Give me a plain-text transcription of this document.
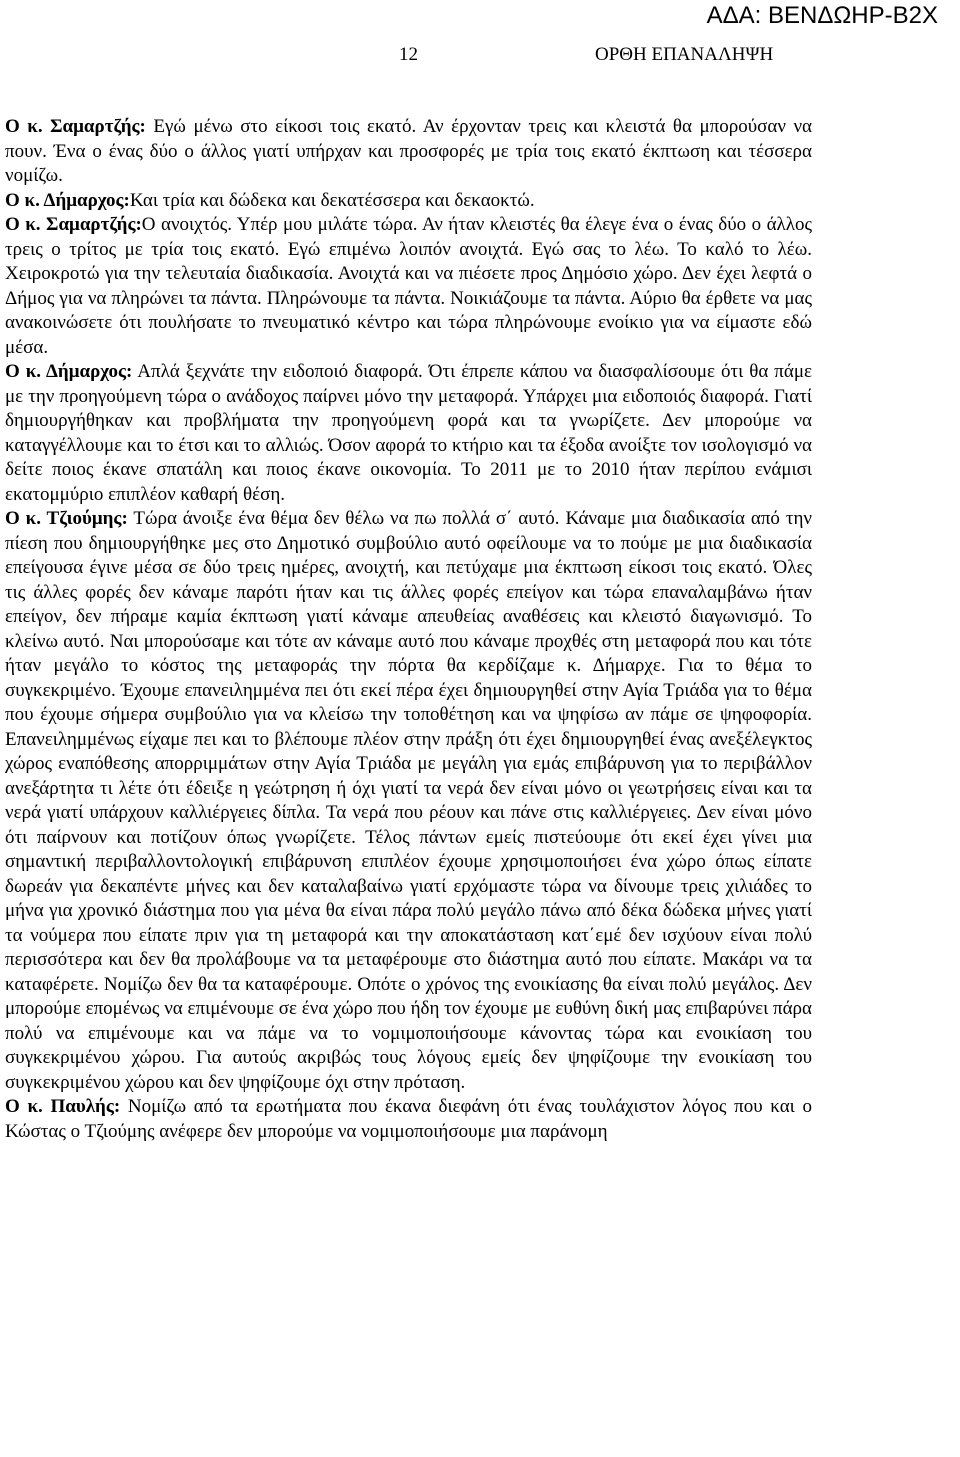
ΑΔΑ: ΒΕΝΔΩΗΡ-Β2Χ
12	ΟΡΘΗ ΕΠΑΝΑΛΗΨΗ

Ο κ. Σαμαρτζής: Εγώ μένω στο είκοσι τοις εκατό. Αν έρχονταν τρεις και κλειστά θα μπορούσαν να πουν. Ένα ο ένας δύο ο άλλος γιατί υπήρχαν και προσφορές με τρία τοις εκατό έκπτωση και τέσσερα νομίζω.

Ο κ. Δήμαρχος:Και τρία και δώδεκα και δεκατέσσερα και δεκαοκτώ.

Ο κ. Σαμαρτζής:Ο ανοιχτός. Υπέρ μου μιλάτε τώρα. Αν ήταν κλειστές θα έλεγε ένα ο ένας δύο ο άλλος τρεις ο τρίτος με τρία τοις εκατό. Εγώ επιμένω λοιπόν ανοιχτά. Εγώ σας το λέω. Το καλό το λέω. Χειροκροτώ για την τελευταία διαδικασία. Ανοιχτά και να πιέσετε προς Δημόσιο χώρο. Δεν έχει λεφτά ο Δήμος για να πληρώνει τα πάντα. Πληρώνουμε τα πάντα. Νοικιάζουμε τα πάντα. Αύριο θα έρθετε να μας ανακοινώσετε ότι πουλήσατε το πνευματικό κέντρο και τώρα πληρώνουμε ενοίκιο για να είμαστε εδώ μέσα.

Ο κ. Δήμαρχος: Απλά ξεχνάτε την ειδοποιό διαφορά. Ότι έπρεπε κάπου να διασφαλίσουμε ότι θα πάμε με την προηγούμενη τώρα ο ανάδοχος παίρνει μόνο την μεταφορά. Υπάρχει μια ειδοποιός διαφορά. Γιατί δημιουργήθηκαν και προβλήματα την προηγούμενη φορά και τα γνωρίζετε. Δεν μπορούμε να καταγγέλλουμε και το έτσι και το αλλιώς. Όσον αφορά το κτήριο και τα έξοδα ανοίξτε τον ισολογισμό να δείτε ποιος έκανε σπατάλη και ποιος έκανε οικονομία. Το 2011 με το 2010 ήταν περίπου ενάμισι εκατομμύριο επιπλέον καθαρή θέση.

Ο κ. Τζιούμης: Τώρα άνοιξε ένα θέμα δεν θέλω να πω πολλά σ΄ αυτό. Κάναμε μια διαδικασία από την πίεση που δημιουργήθηκε μες στο Δημοτικό συμβούλιο αυτό οφείλουμε να το πούμε με μια διαδικασία επείγουσα έγινε μέσα σε δύο τρεις ημέρες, ανοιχτή, και πετύχαμε μια έκπτωση είκοσι τοις εκατό. Όλες τις άλλες φορές δεν κάναμε παρότι ήταν και τις άλλες φορές επείγον και τώρα επαναλαμβάνω ήταν επείγον, δεν πήραμε καμία έκπτωση γιατί κάναμε απευθείας αναθέσεις και κλειστό διαγωνισμό. Το κλείνω αυτό. Ναι μπορούσαμε και τότε αν κάναμε αυτό που κάναμε προχθές στη μεταφορά που και τότε ήταν μεγάλο το κόστος της μεταφοράς την πόρτα θα κερδίζαμε κ. Δήμαρχε. Για το θέμα το συγκεκριμένο. Έχουμε επανειλημμένα πει ότι εκεί πέρα έχει δημιουργηθεί στην Αγία Τριάδα για το θέμα που έχουμε σήμερα συμβούλιο για να κλείσω την τοποθέτηση και να ψηφίσω αν πάμε σε ψηφοφορία. Επανειλημμένως είχαμε πει και το βλέπουμε πλέον στην πράξη ότι έχει δημιουργηθεί ένας ανεξέλεγκτος χώρος εναπόθεσης απορριμμάτων στην Αγία Τριάδα με μεγάλη για εμάς επιβάρυνση για το περιβάλλον ανεξάρτητα τι λέτε ότι έδειξε η γεώτρηση ή όχι γιατί τα νερά δεν είναι μόνο οι γεωτρήσεις είναι και τα νερά γιατί υπάρχουν καλλιέργειες δίπλα. Τα νερά που ρέουν και πάνε στις καλλιέργειες. Δεν είναι μόνο ότι παίρνουν και ποτίζουν όπως γνωρίζετε. Τέλος πάντων εμείς πιστεύουμε ότι εκεί έχει γίνει μια σημαντική περιβαλλοντολογική επιβάρυνση επιπλέον έχουμε χρησιμοποιήσει ένα χώρο όπως είπατε δωρεάν για δεκαπέντε μήνες και δεν καταλαβαίνω γιατί ερχόμαστε τώρα να δίνουμε τρεις χιλιάδες το μήνα για χρονικό διάστημα που για μένα θα είναι πάρα πολύ μεγάλο πάνω από δέκα δώδεκα μήνες γιατί τα νούμερα που είπατε πριν για τη μεταφορά και την αποκατάσταση κατ΄εμέ δεν ισχύουν είναι πολύ περισσότερα και δεν θα προλάβουμε να τα μεταφέρουμε στο διάστημα αυτό που είπατε. Μακάρι να τα καταφέρετε. Νομίζω δεν θα τα καταφέρουμε. Οπότε ο χρόνος της ενοικίασης θα είναι πολύ μεγάλος. Δεν μπορούμε επομένως να επιμένουμε σε ένα χώρο που ήδη τον έχουμε με ευθύνη δική μας επιβαρύνει πάρα πολύ να επιμένουμε και να πάμε να το νομιμοποιήσουμε κάνοντας τώρα και ενοικίαση του συγκεκριμένου χώρου. Για αυτούς ακριβώς τους λόγους εμείς δεν ψηφίζουμε την ενοικίαση του συγκεκριμένου χώρου και δεν ψηφίζουμε όχι στην πρόταση.

Ο κ. Παυλής: Νομίζω από τα ερωτήματα που έκανα διεφάνη ότι ένας τουλάχιστον λόγος που και ο Κώστας ο Τζιούμης ανέφερε δεν μπορούμε να νομιμοποιήσουμε μια παράνομη
